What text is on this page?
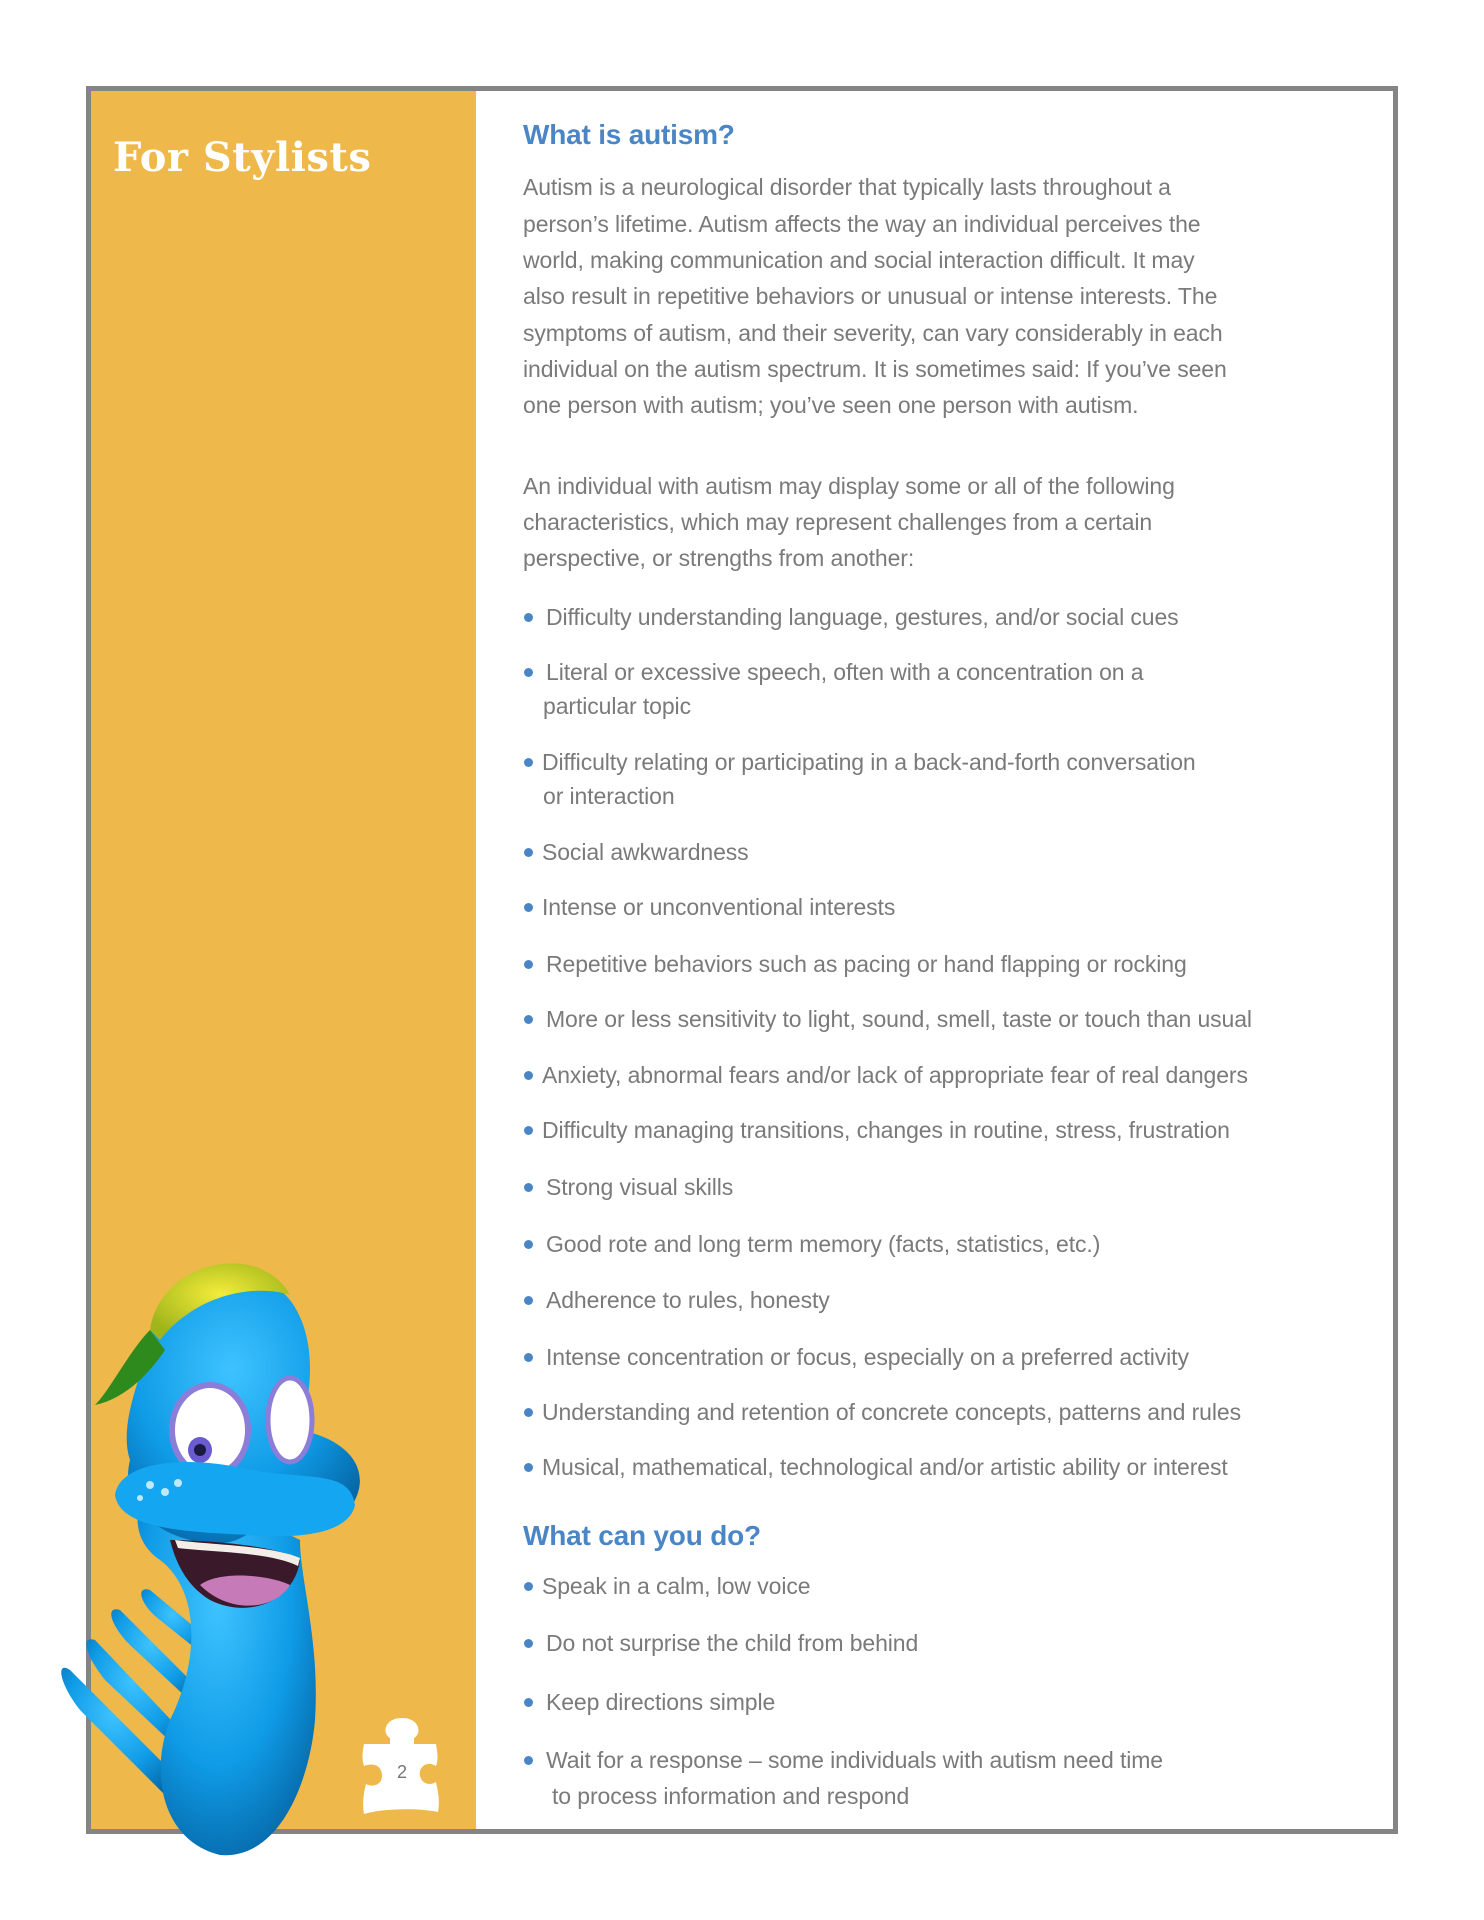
For Stylists	What is autism?
Autism is a neurological disorder that typically lasts throughout a
person’s lifetime. Autism affects the way an individual perceives the
world, making communication and social interaction difficult. It may
also result in repetitive behaviors or unusual or intense interests. The
symptoms of autism, and their severity, can vary considerably in each
individual on the autism spectrum. It is sometimes said: If you’ve seen
one person with autism; you’ve seen one person with autism.
An individual with autism may display some or all of the following
characteristics, which may represent challenges from a certain
perspective, or strengths from another:
Difficulty understanding language, gestures, and/or social cues
Literal or excessive speech, often with a concentration on a
particular topic
Difficulty relating or participating in a back-and-forth conversation
or interaction
Social awkwardness
Intense or unconventional interests
Repetitive behaviors such as pacing or hand flapping or rocking
More or less sensitivity to light, sound, smell, taste or touch than usual
Anxiety, abnormal fears and/or lack of appropriate fear of real dangers
Difficulty managing transitions, changes in routine, stress, frustration
Strong visual skills
Good rote and long term memory (facts, statistics, etc.)
Adherence to rules, honesty
Intense concentration or focus, especially on a preferred activity
Understanding and retention of concrete concepts, patterns and rules
Musical, mathematical, technological and/or artistic ability or interest
What can you do?
Speak in a calm, low voice
Do not surprise the child from behind
Keep directions simple
Wait for a response – some individuals with autism need time
to process information and respond
2
